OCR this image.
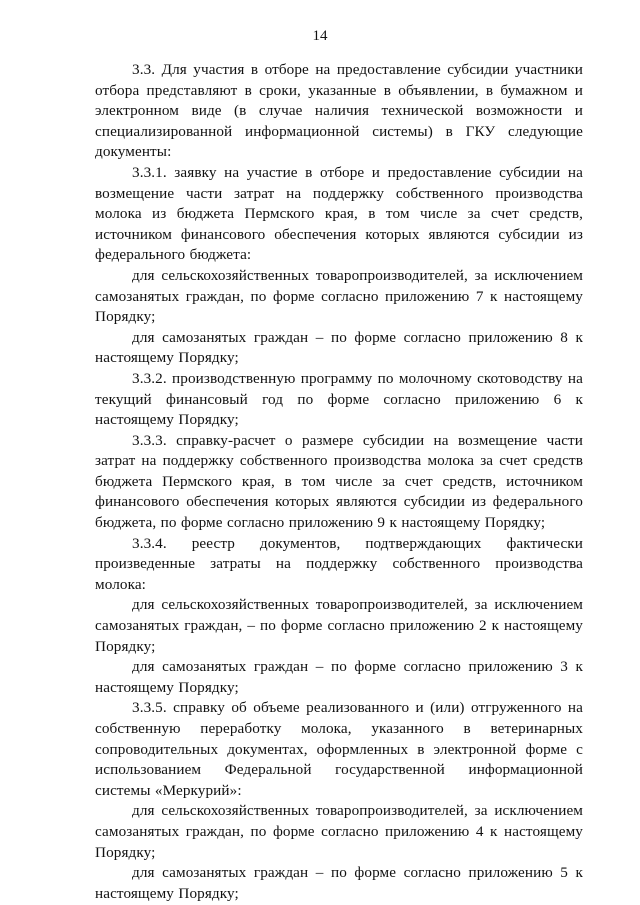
14

3.3. Для участия в отборе на предоставление субсидии участники отбора представляют в сроки, указанные в объявлении, в бумажном и электронном виде (в случае наличия технической возможности и специализированной информационной системы) в ГКУ следующие документы:

3.3.1. заявку на участие в отборе и предоставление субсидии на возмещение части затрат на поддержку собственного производства молока из бюджета Пермского края, в том числе за счет средств, источником финансового обеспечения которых являются субсидии из федерального бюджета:

для сельскохозяйственных товаропроизводителей, за исключением самозанятых граждан, по форме согласно приложению 7 к настоящему Порядку;

для самозанятых граждан – по форме согласно приложению 8 к настоящему Порядку;

3.3.2. производственную программу по молочному скотоводству на текущий финансовый год по форме согласно приложению 6 к настоящему Порядку;

3.3.3. справку-расчет о размере субсидии на возмещение части затрат на поддержку собственного производства молока за счет средств бюджета Пермского края, в том числе за счет средств, источником финансового обеспечения которых являются субсидии из федерального бюджета, по форме согласно приложению 9 к настоящему Порядку;

3.3.4. реестр документов, подтверждающих фактически произведенные затраты на поддержку собственного производства молока:

для сельскохозяйственных товаропроизводителей, за исключением самозанятых граждан, – по форме согласно приложению 2 к настоящему Порядку;

для самозанятых граждан – по форме согласно приложению 3 к настоящему Порядку;

3.3.5. справку об объеме реализованного и (или) отгруженного на собственную переработку молока, указанного в ветеринарных сопроводительных документах, оформленных в электронной форме с использованием Федеральной государственной информационной системы «Меркурий»:

для сельскохозяйственных товаропроизводителей, за исключением самозанятых граждан, по форме согласно приложению 4 к настоящему Порядку;

для самозанятых граждан – по форме согласно приложению 5 к настоящему Порядку;
